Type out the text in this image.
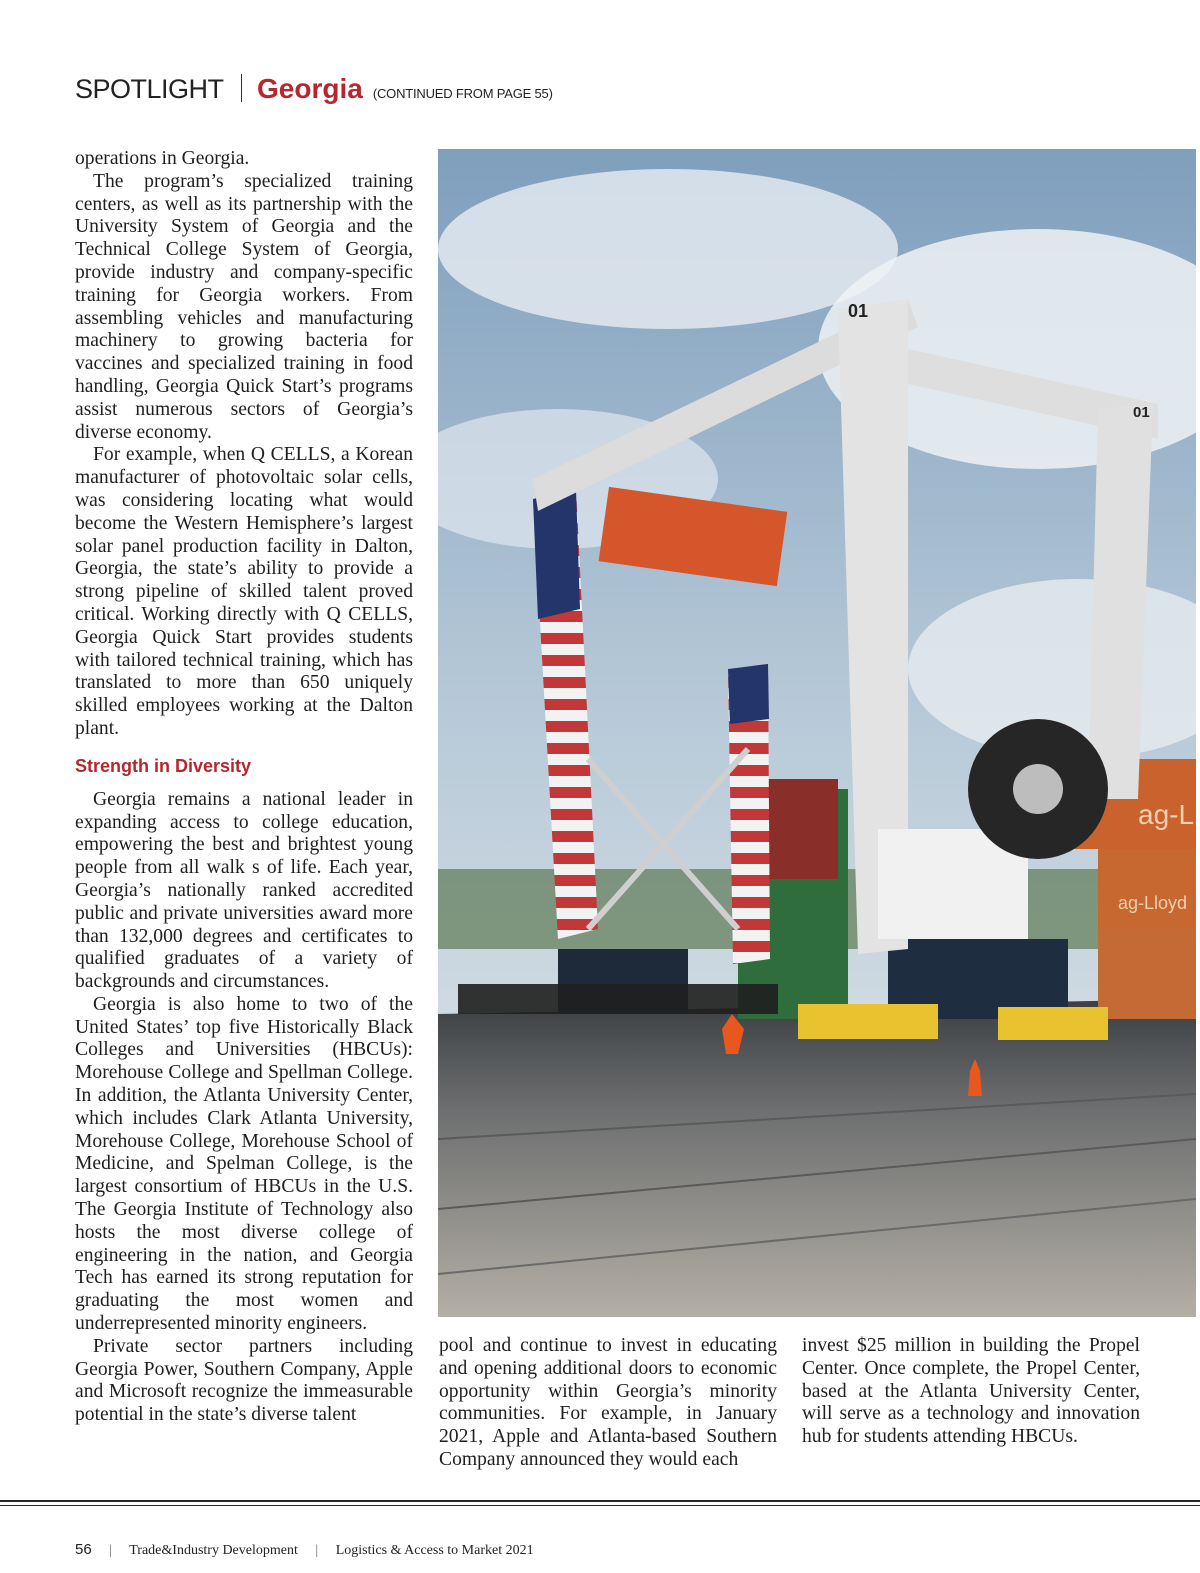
SPOTLIGHT Georgia (CONTINUED FROM PAGE 55)

operations in Georgia.

The program’s specialized training centers, as well as its partnership with the University System of Georgia and the Technical College System of Georgia, provide industry and company-specific training for Georgia workers. From assembling vehicles and manufacturing machinery to growing bacteria for vaccines and specialized training in food handling, Georgia Quick Start’s programs assist numerous sectors of Georgia’s diverse economy.

For example, when Q CELLS, a Korean manufacturer of photovoltaic solar cells, was considering locating what would become the Western Hemisphere’s largest solar panel production facility in Dalton, Georgia, the state’s ability to provide a strong pipeline of skilled talent proved critical. Working directly with Q CELLS, Georgia Quick Start provides students with tailored technical training, which has translated to more than 650 uniquely skilled employees working at the Dalton plant.

Strength in Diversity

Georgia remains a national leader in expanding access to college education, empowering the best and brightest young people from all walk s of life. Each year, Georgia’s nationally ranked accredited public and private universities award more than 132,000 degrees and certificates to qualified graduates of a variety of backgrounds and circumstances.

Georgia is also home to two of the United States’ top five Historically Black Colleges and Universities (HBCUs): Morehouse College and Spellman College. In addition, the Atlanta University Center, which includes Clark Atlanta University, Morehouse College, Morehouse School of Medicine, and Spelman College, is the largest consortium of HBCUs in the U.S. The Georgia Institute of Technology also hosts the most diverse college of engineering in the nation, and Georgia Tech has earned its strong reputation for graduating the most women and underrepresented minority engineers.

Private sector partners including Georgia Power, Southern Company, Apple and Microsoft recognize the immeasurable potential in the state’s diverse talent

ag-L
ag-Lloyd
01
01

pool and continue to invest in educating and opening additional doors to economic opportunity within Georgia’s minority communities. For example, in January 2021, Apple and Atlanta-based Southern Company announced they would each

invest $25 million in building the Propel Center. Once complete, the Propel Center, based at the Atlanta University Center, will serve as a technology and innovation hub for students attending HBCUs.

56 | Trade&Industry Development | Logistics & Access to Market 2021
